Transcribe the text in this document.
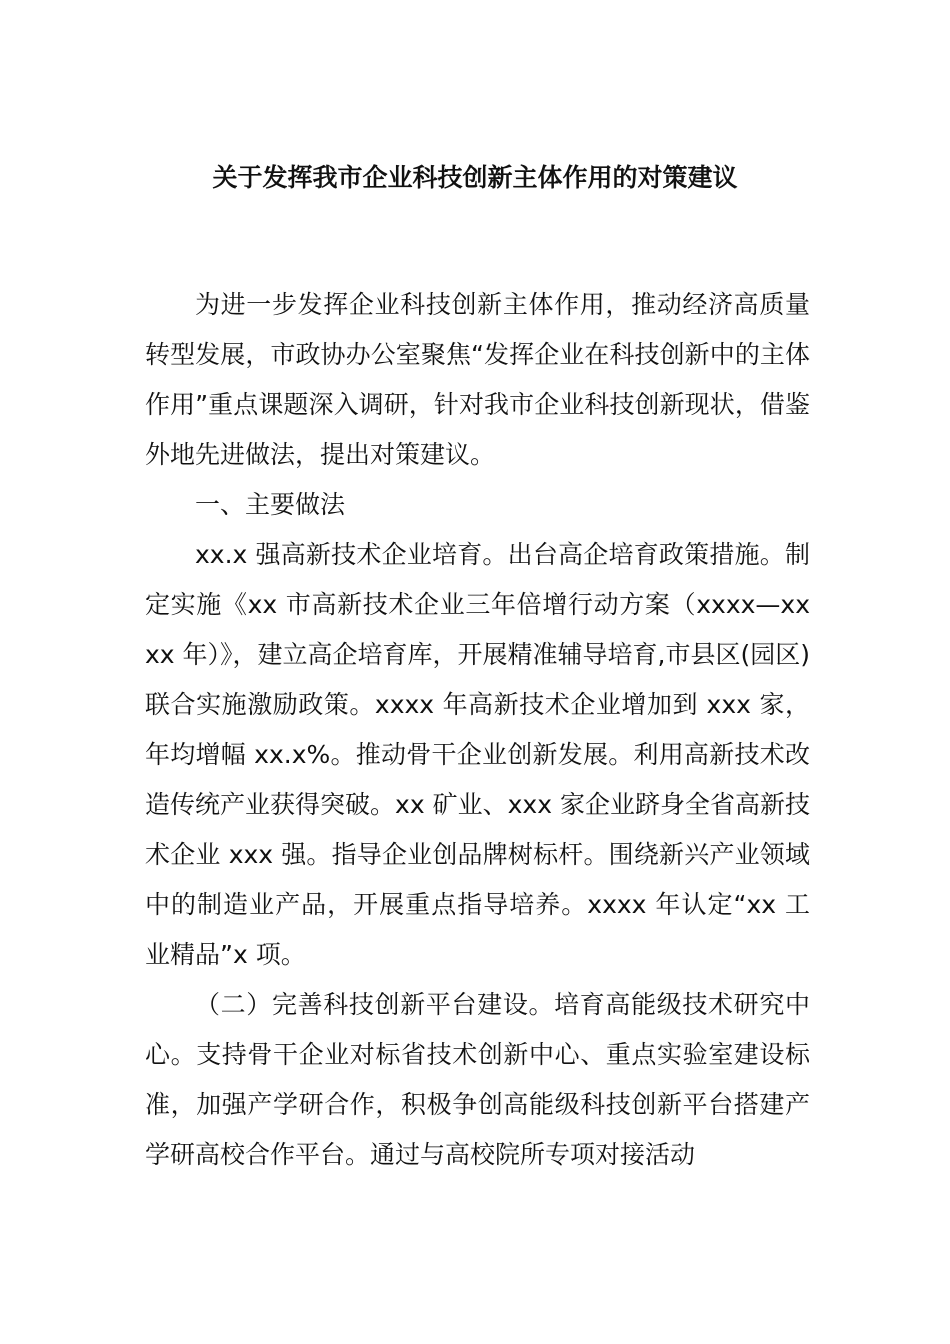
关于发挥我市企业科技创新主体作用的对策建议

为进一步发挥企业科技创新主体作用，推动经济高质量转型发展，市政协办公室聚焦“发挥企业在科技创新中的主体作用”重点课题深入调研，针对我市企业科技创新现状，借鉴外地先进做法，提出对策建议。

一、主要做法

xx.x 强高新技术企业培育。出台高企培育政策措施。制定实施《xx 市高新技术企业三年倍增行动方案（xxxx—xxxx 年）》，建立高企培育库，开展精准辅导培育,市县区(园区)联合实施激励政策。xxxx 年高新技术企业增加到 xxx 家，年均增幅 xx.x%。推动骨干企业创新发展。利用高新技术改造传统产业获得突破。xx 矿业、xxx 家企业跻身全省高新技术企业 xxx 强。指导企业创品牌树标杆。围绕新兴产业领域中的制造业产品，开展重点指导培养。xxxx 年认定“xx 工业精品”x 项。

（二）完善科技创新平台建设。培育高能级技术研究中心。支持骨干企业对标省技术创新中心、重点实验室建设标准，加强产学研合作，积极争创高能级科技创新平台搭建产学研高校合作平台。通过与高校院所专项对接活动
